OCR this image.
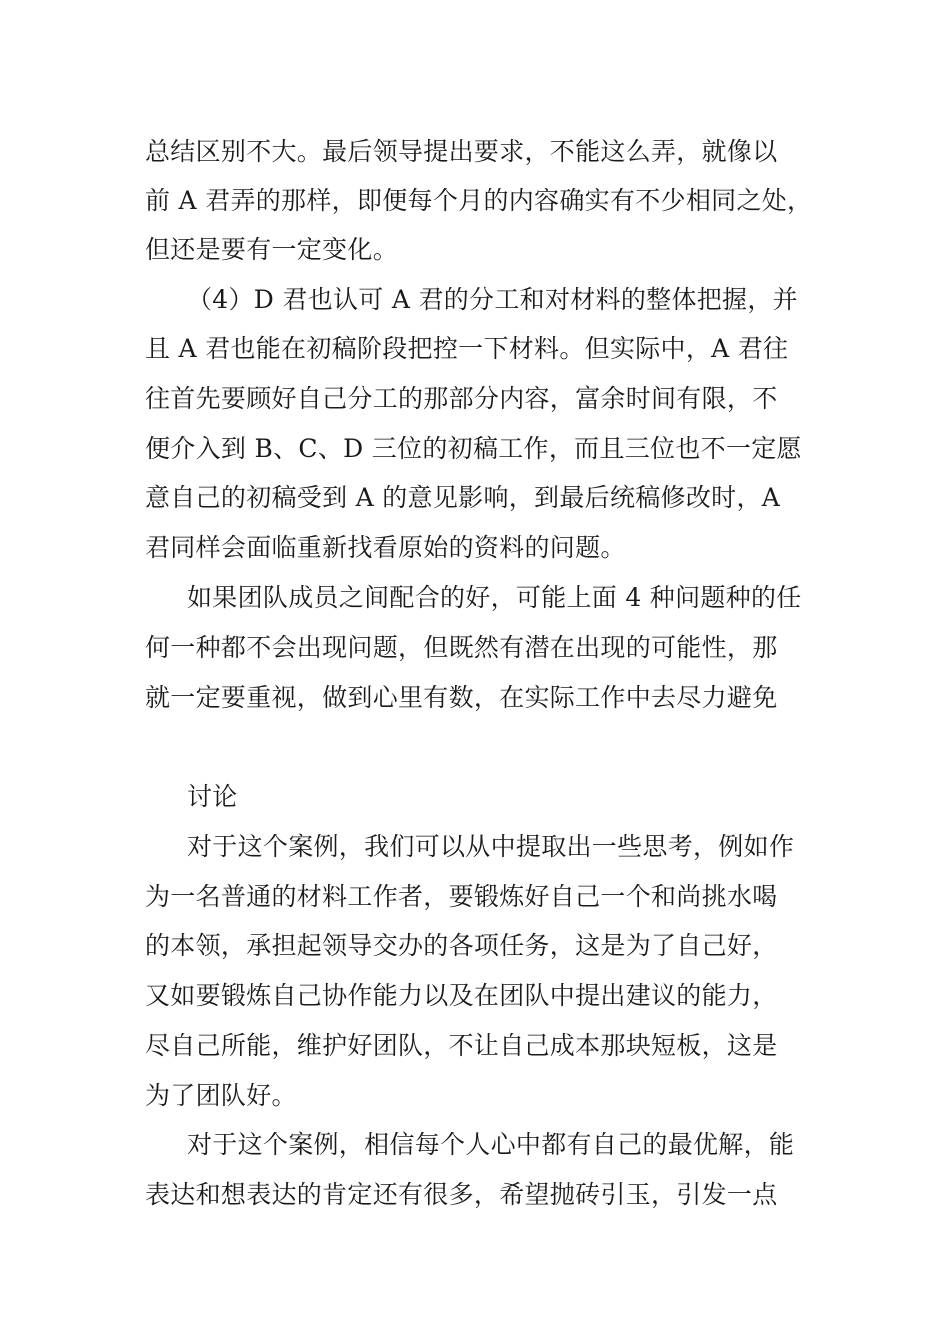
总结区别不大。最后领导提出要求，不能这么弄，就像以
前 A 君弄的那样，即便每个月的内容确实有不少相同之处，
但还是要有一定变化。
（4）D 君也认可 A 君的分工和对材料的整体把握，并
且 A 君也能在初稿阶段把控一下材料。但实际中，A 君往
往首先要顾好自己分工的那部分内容，富余时间有限，不
便介入到 B、C、D 三位的初稿工作，而且三位也不一定愿
意自己的初稿受到 A 的意见影响，到最后统稿修改时，A
君同样会面临重新找看原始的资料的问题。
如果团队成员之间配合的好，可能上面 4 种问题种的任
何一种都不会出现问题，但既然有潜在出现的可能性，那
就一定要重视，做到心里有数，在实际工作中去尽力避免
讨论
对于这个案例，我们可以从中提取出一些思考，例如作
为一名普通的材料工作者，要锻炼好自己一个和尚挑水喝
的本领，承担起领导交办的各项任务，这是为了自己好，
又如要锻炼自己协作能力以及在团队中提出建议的能力，
尽自己所能，维护好团队，不让自己成本那块短板，这是
为了团队好。
对于这个案例，相信每个人心中都有自己的最优解，能
表达和想表达的肯定还有很多，希望抛砖引玉，引发一点
